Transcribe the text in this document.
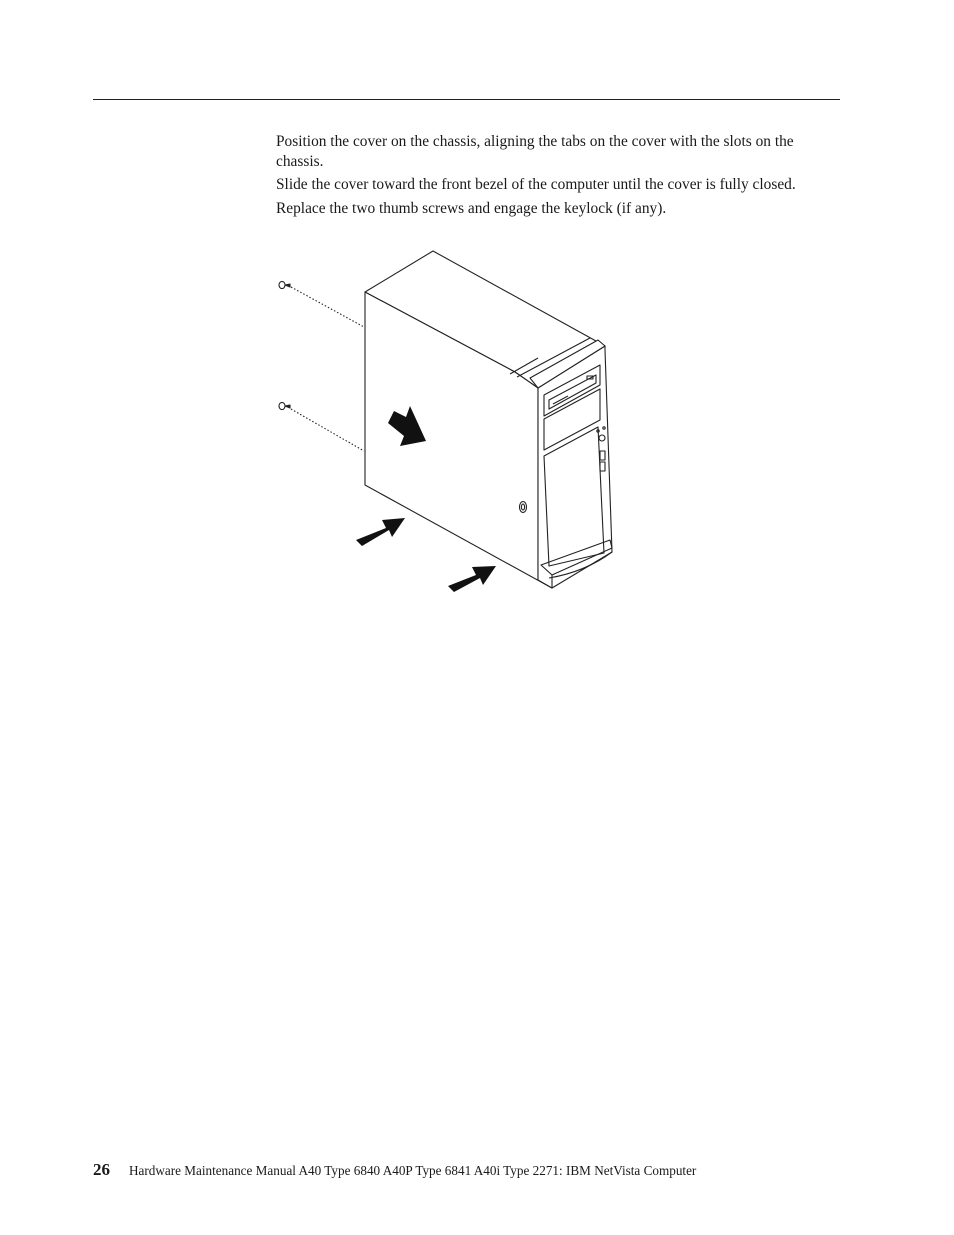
Position the cover on the chassis, aligning the tabs on the cover with the slots on the chassis.

Slide the cover toward the front bezel of the computer until the cover is fully closed.

Replace the two thumb screws and engage the keylock (if any).

26 Hardware Maintenance Manual A40 Type 6840 A40P Type 6841 A40i Type 2271: IBM NetVista Computer
